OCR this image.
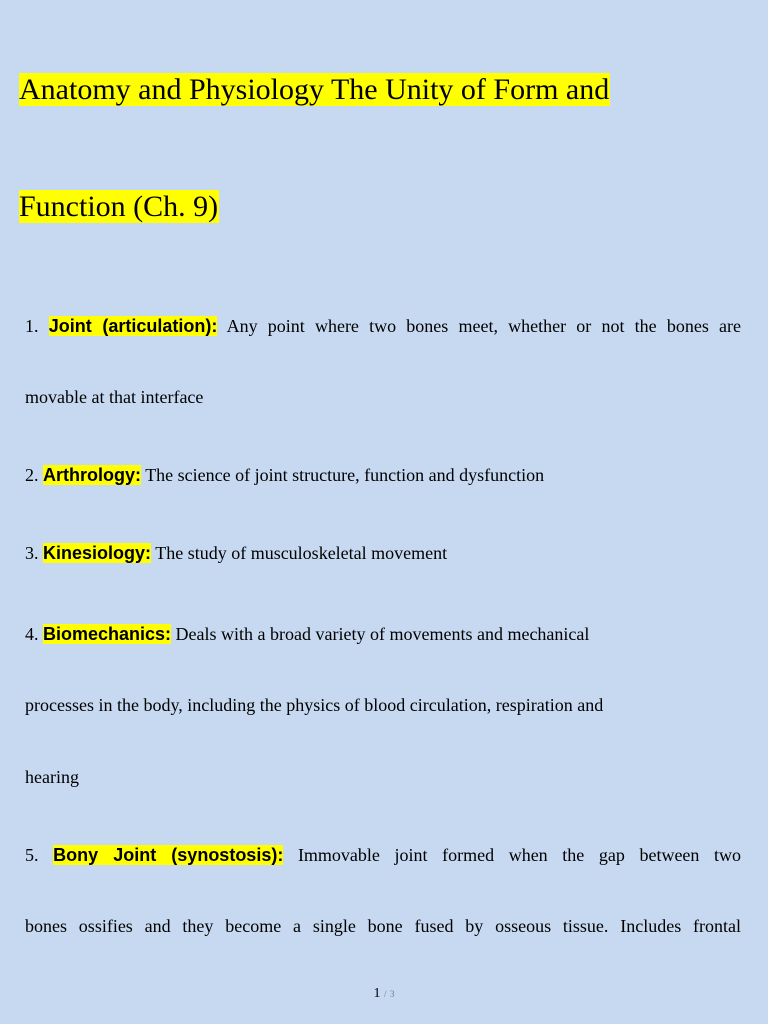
Anatomy and Physiology The Unity of Form and
Function (Ch. 9)
1. Joint (articulation): Any point where two bones meet, whether or not the bones are
movable at that interface
2. Arthrology: The science of joint structure, function and dysfunction
3. Kinesiology: The study of musculoskeletal movement
4. Biomechanics: Deals with a broad variety of movements and mechanical
processes in the body, including the physics of blood circulation, respiration and
hearing
5. Bony Joint (synostosis): Immovable joint formed when the gap between two
bones ossifies and they become a single bone fused by osseous tissue. Includes frontal
1 / 3
